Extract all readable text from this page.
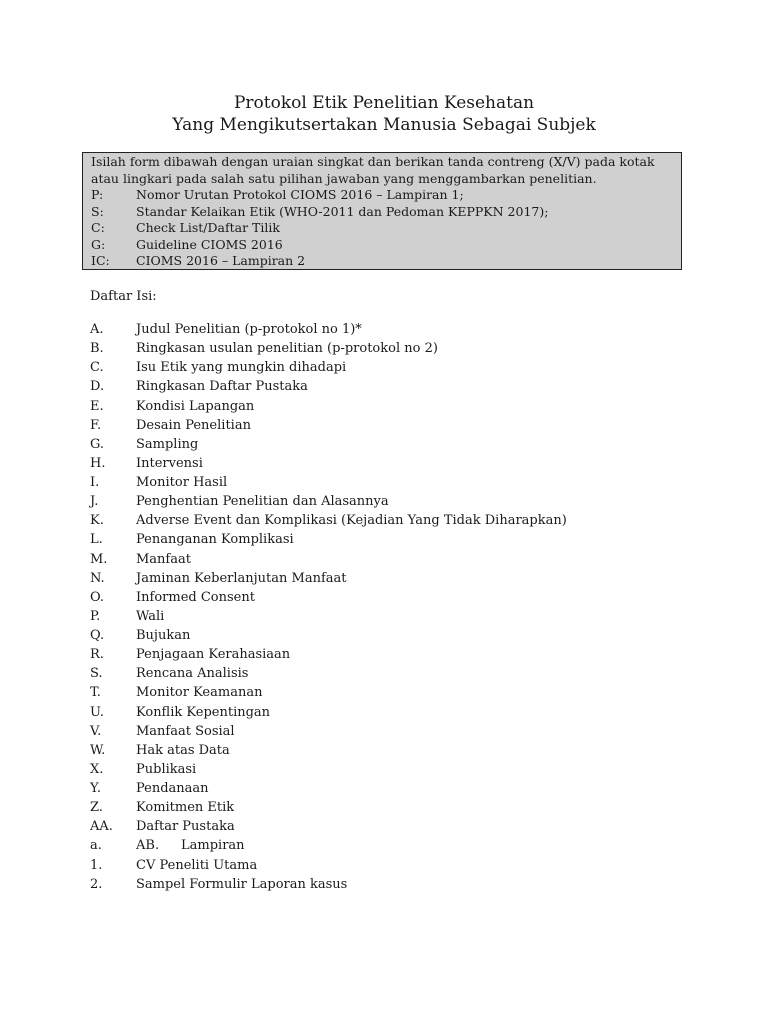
Protokol Etik Penelitian Kesehatan
Yang Mengikutsertakan Manusia Sebagai Subjek
Isilah form dibawah dengan uraian singkat dan berikan tanda contreng (X/V) pada kotak atau lingkari pada salah satu pilihan jawaban yang menggambarkan penelitian.
P:	Nomor Urutan Protokol CIOMS 2016 – Lampiran 1;
S:	Standar Kelaikan Etik (WHO-2011 dan Pedoman KEPPKN 2017);
C:	Check List/Daftar Tilik
G:	Guideline CIOMS 2016
IC:	CIOMS 2016 – Lampiran 2
Daftar Isi:
A.	Judul Penelitian (p-protokol no 1)*
B.	Ringkasan usulan penelitian (p-protokol no 2)
C.	Isu Etik yang mungkin dihadapi
D.	Ringkasan Daftar Pustaka
E.	Kondisi Lapangan
F.	Desain Penelitian
G.	Sampling
H.	Intervensi
I.	Monitor Hasil
J.	Penghentian Penelitian dan Alasannya
K.	Adverse Event dan Komplikasi (Kejadian Yang Tidak Diharapkan)
L.	Penanganan Komplikasi
M.	Manfaat
N.	Jaminan Keberlanjutan Manfaat
O.	Informed Consent
P.	Wali
Q.	Bujukan
R.	Penjagaan Kerahasiaan
S.	Rencana Analisis
T.	Monitor Keamanan
U.	Konflik Kepentingan
V.	Manfaat Sosial
W.	Hak atas Data
X.	Publikasi
Y.	Pendanaan
Z.	Komitmen Etik
AA.	Daftar Pustaka
a.	AB. Lampiran
1.	CV Peneliti Utama
2.	Sampel Formulir Laporan kasus
